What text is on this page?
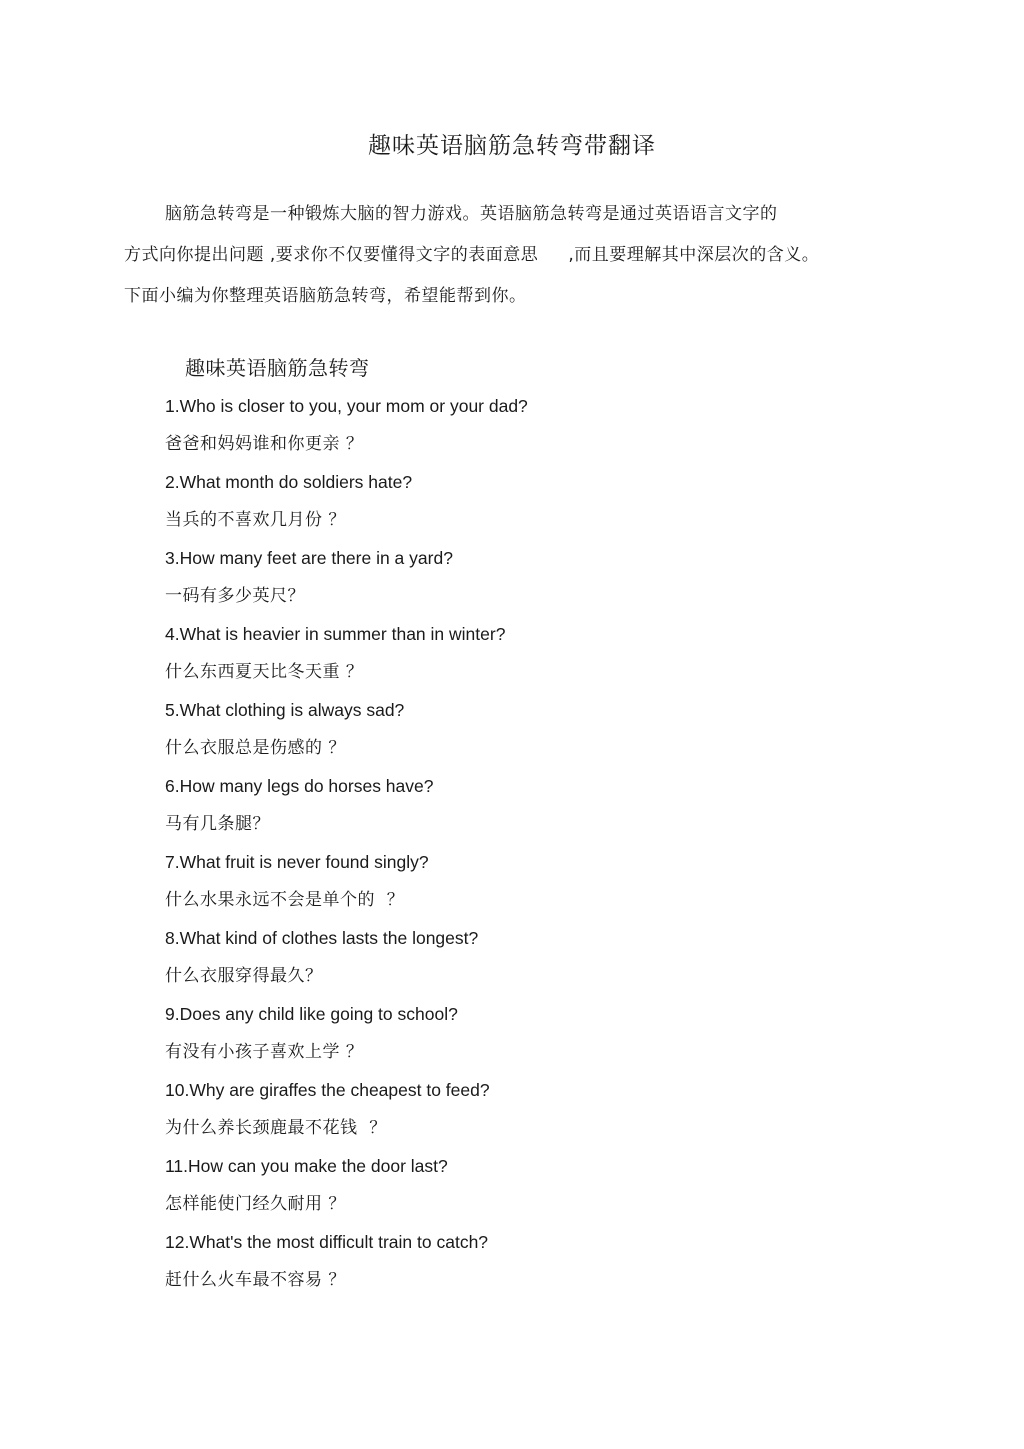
趣味英语脑筋急转弯带翻译
脑筋急转弯是一种锻炼大脑的智力游戏。英语脑筋急转弯是通过英语语言文字的
方式向你提出问题 ,要求你不仅要懂得文字的表面意思 ,而且要理解其中深层次的含义。
下面小编为你整理英语脑筋急转弯，希望能帮到你。
趣味英语脑筋急转弯
1.Who is closer to you, your mom or your dad?
爸爸和妈妈谁和你更亲 ？
2.What month do soldiers hate?
当兵的不喜欢几月份 ？
3.How many feet are there in a yard?
一码有多少英尺？
4.What is heavier in summer than in winter?
什么东西夏天比冬天重 ？
5.What clothing is always sad?
什么衣服总是伤感的 ？
6.How many legs do horses have?
马有几条腿？
7.What fruit is never found singly?
什么水果永远不会是单个的  ？
8.What kind of clothes lasts the longest?
什么衣服穿得最久？
9.Does any child like going to school?
有没有小孩子喜欢上学 ？
10.Why are giraffes the cheapest to feed?
为什么养长颈鹿最不花钱  ？
11.How can you make the door last?
怎样能使门经久耐用 ？
12.What's the most difficult train to catch?
赶什么火车最不容易 ？
